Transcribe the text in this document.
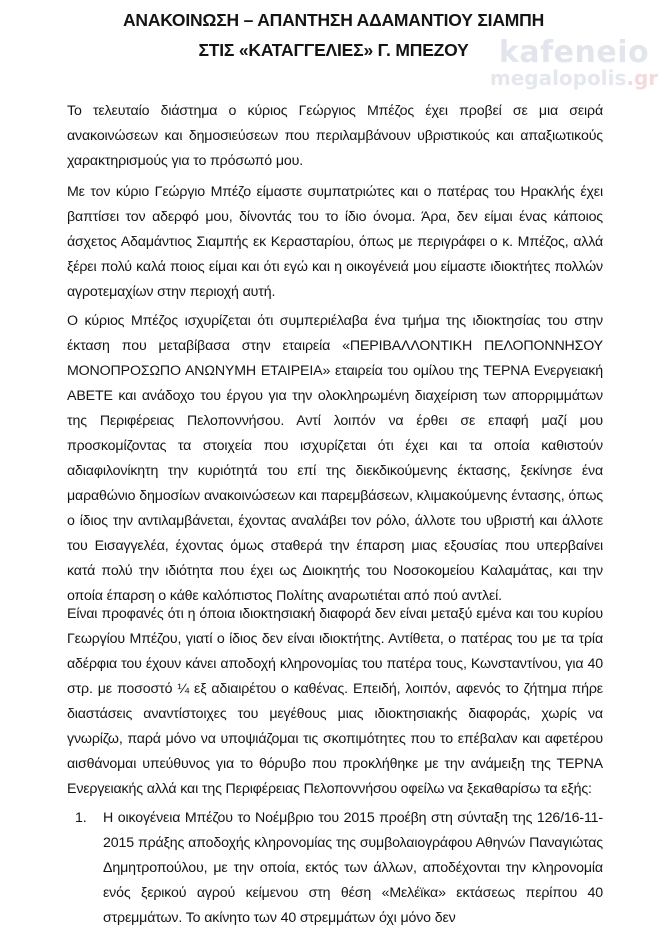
ΑΝΑΚΟΙΝΩΣΗ – ΑΠΑΝΤΗΣΗ ΑΔΑΜΑΝΤΙΟΥ ΣΙΑΜΠΗ
ΣΤΙΣ «ΚΑΤΑΓΓΕΛΙΕΣ» Γ. ΜΠΕΖΟΥ	kafeneio
megalopolis.gr

Το τελευταίο διάστημα ο κύριος Γεώργιος Μπέζος έχει προβεί σε μια σειρά ανακοινώσεων και δημοσιεύσεων που περιλαμβάνουν υβριστικούς και απαξιωτικούς χαρακτηρισμούς για το πρόσωπό μου.

Με τον κύριο Γεώργιο Μπέζο είμαστε συμπατριώτες και ο πατέρας του Ηρακλής έχει βαπτίσει τον αδερφό μου, δίνοντάς του το ίδιο όνομα. Άρα, δεν είμαι ένας κάποιος άσχετος Αδαμάντιος Σιαμπής εκ Κερασταρίου, όπως με περιγράφει ο κ. Μπέζος, αλλά ξέρει πολύ καλά ποιος είμαι και ότι εγώ και η οικογένειά μου είμαστε ιδιοκτήτες πολλών αγροτεμαχίων στην περιοχή αυτή.

Ο κύριος Μπέζος ισχυρίζεται ότι συμπεριέλαβα ένα τμήμα της ιδιοκτησίας του στην έκταση που μεταβίβασα στην εταιρεία «ΠΕΡΙΒΑΛΛΟΝΤΙΚΗ ΠΕΛΟΠΟΝΝΗΣΟΥ ΜΟΝΟΠΡΟΣΩΠΟ ΑΝΩΝΥΜΗ ΕΤΑΙΡΕΙΑ» εταιρεία του ομίλου της ΤΕΡΝΑ Ενεργειακή ΑΒΕΤΕ και ανάδοχο του έργου για την ολοκληρωμένη διαχείριση των απορριμμάτων της Περιφέρειας Πελοποννήσου. Αντί λοιπόν να έρθει σε επαφή μαζί μου προσκομίζοντας τα στοιχεία που ισχυρίζεται ότι έχει και τα οποία καθιστούν αδιαφιλονίκητη την κυριότητά του επί της διεκδικούμενης έκτασης, ξεκίνησε ένα μαραθώνιο δημοσίων ανακοινώσεων και παρεμβάσεων, κλιμακούμενης έντασης, όπως ο ίδιος την αντιλαμβάνεται, έχοντας αναλάβει τον ρόλο, άλλοτε του υβριστή και άλλοτε του Εισαγγελέα, έχοντας όμως σταθερά την έπαρση μιας εξουσίας που υπερβαίνει κατά πολύ την ιδιότητα που έχει ως Διοικητής του Νοσοκομείου Καλαμάτας, και την οποία έπαρση ο κάθε καλόπιστος Πολίτης αναρωτιέται από πού αντλεί.

Είναι προφανές ότι η όποια ιδιοκτησιακή διαφορά δεν είναι μεταξύ εμένα και του κυρίου Γεωργίου Μπέζου, γιατί ο ίδιος δεν είναι ιδιοκτήτης. Αντίθετα, ο πατέρας του με τα τρία αδέρφια του έχουν κάνει αποδοχή κληρονομίας του πατέρα τους, Κωνσταντίνου, για 40 στρ. με ποσοστό ¼ εξ αδιαιρέτου ο καθένας. Επειδή, λοιπόν, αφενός το ζήτημα πήρε διαστάσεις αναντίστοιχες του μεγέθους μιας ιδιοκτησιακής διαφοράς, χωρίς να γνωρίζω, παρά μόνο να υποψιάζομαι τις σκοπιμότητες που το επέβαλαν και αφετέρου αισθάνομαι υπεύθυνος για το θόρυβο που προκλήθηκε με την ανάμειξη της ΤΕΡΝΑ Ενεργειακής αλλά και της Περιφέρειας Πελοποννήσου οφείλω να ξεκαθαρίσω τα εξής:

1. Η οικογένεια Μπέζου το Νοέμβριο του 2015 προέβη στη σύνταξη της 126/16-11-2015 πράξης αποδοχής κληρονομίας της συμβολαιογράφου Αθηνών Παναγιώτας Δημητροπούλου, με την οποία, εκτός των άλλων, αποδέχονται την κληρονομία ενός ξερικού αγρού κείμενου στη θέση «Μελέϊκα» εκτάσεως περίπου 40 στρεμμάτων. Το ακίνητο των 40 στρεμμάτων όχι μόνο δεν
